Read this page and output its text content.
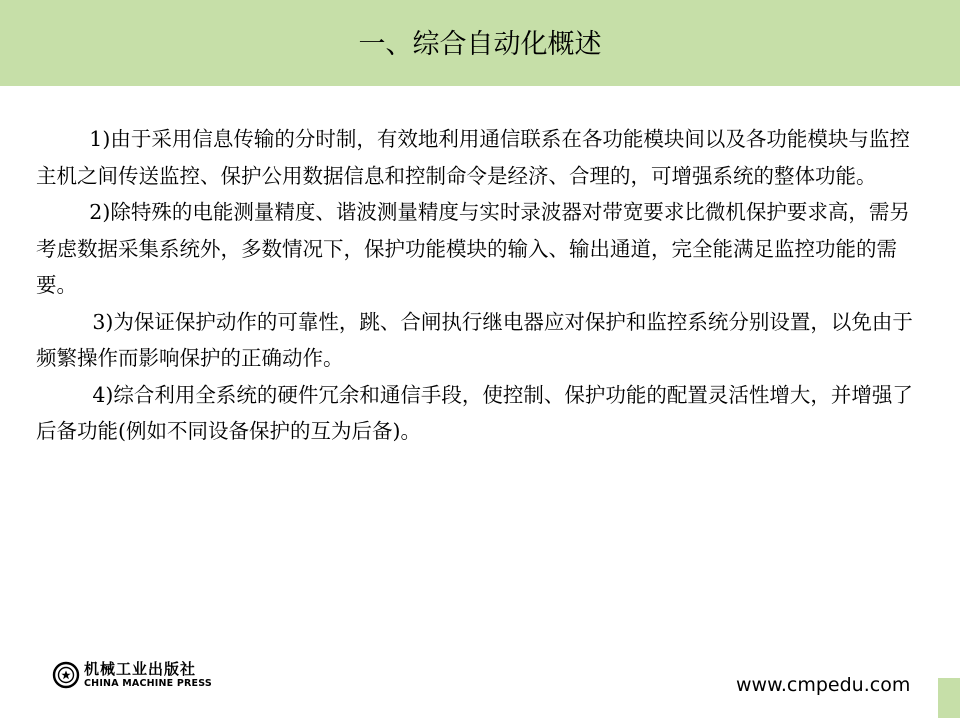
一、综合自动化概述

1)由于采用信息传输的分时制，有效地利用通信联系在各功能模块间以及各功能模块与监控主机之间传送监控、保护公用数据信息和控制命令是经济、合理的，可增强系统的整体功能。

2)除特殊的电能测量精度、谐波测量精度与实时录波器对带宽要求比微机保护要求高，需另考虑数据采集系统外，多数情况下，保护功能模块的输入、输出通道，完全能满足监控功能的需要。

3)为保证保护动作的可靠性，跳、合闸执行继电器应对保护和监控系统分别设置，以免由于频繁操作而影响保护的正确动作。

4)综合利用全系统的硬件冗余和通信手段，使控制、保护功能的配置灵活性增大，并增强了后备功能(例如不同设备保护的互为后备)。

机械工业出版社
CHINA MACHINE PRESS	www.cmpedu.com
